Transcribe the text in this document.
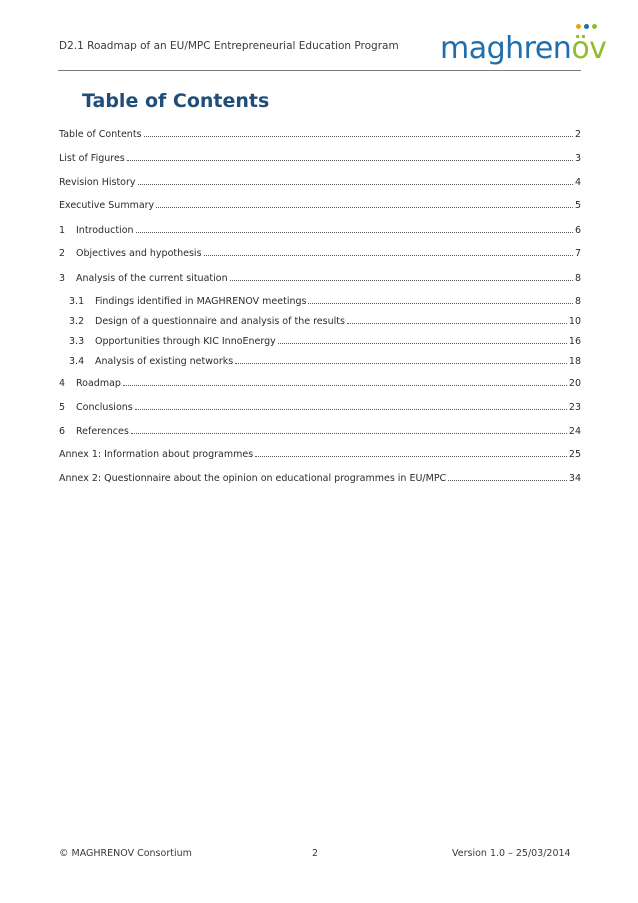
D2.1 Roadmap of an EU/MPC Entrepreneurial Education Program maghrenöv
Table of Contents
Table of Contents	2
List of Figures	3
Revision History	4
Executive Summary	5
1	Introduction	6
2	Objectives and hypothesis	7
3	Analysis of the current situation	8
3.1	Findings identified in MAGHRENOV meetings	8
3.2	Design of a questionnaire and analysis of the results	10
3.3	Opportunities through KIC InnoEnergy	16
3.4	Analysis of existing networks	18
4	Roadmap	20
5	Conclusions	23
6	References	24
Annex 1: Information about programmes	25
Annex 2: Questionnaire about the opinion on educational programmes in EU/MPC	34
© MAGHRENOV Consortium	2	Version 1.0 – 25/03/2014
